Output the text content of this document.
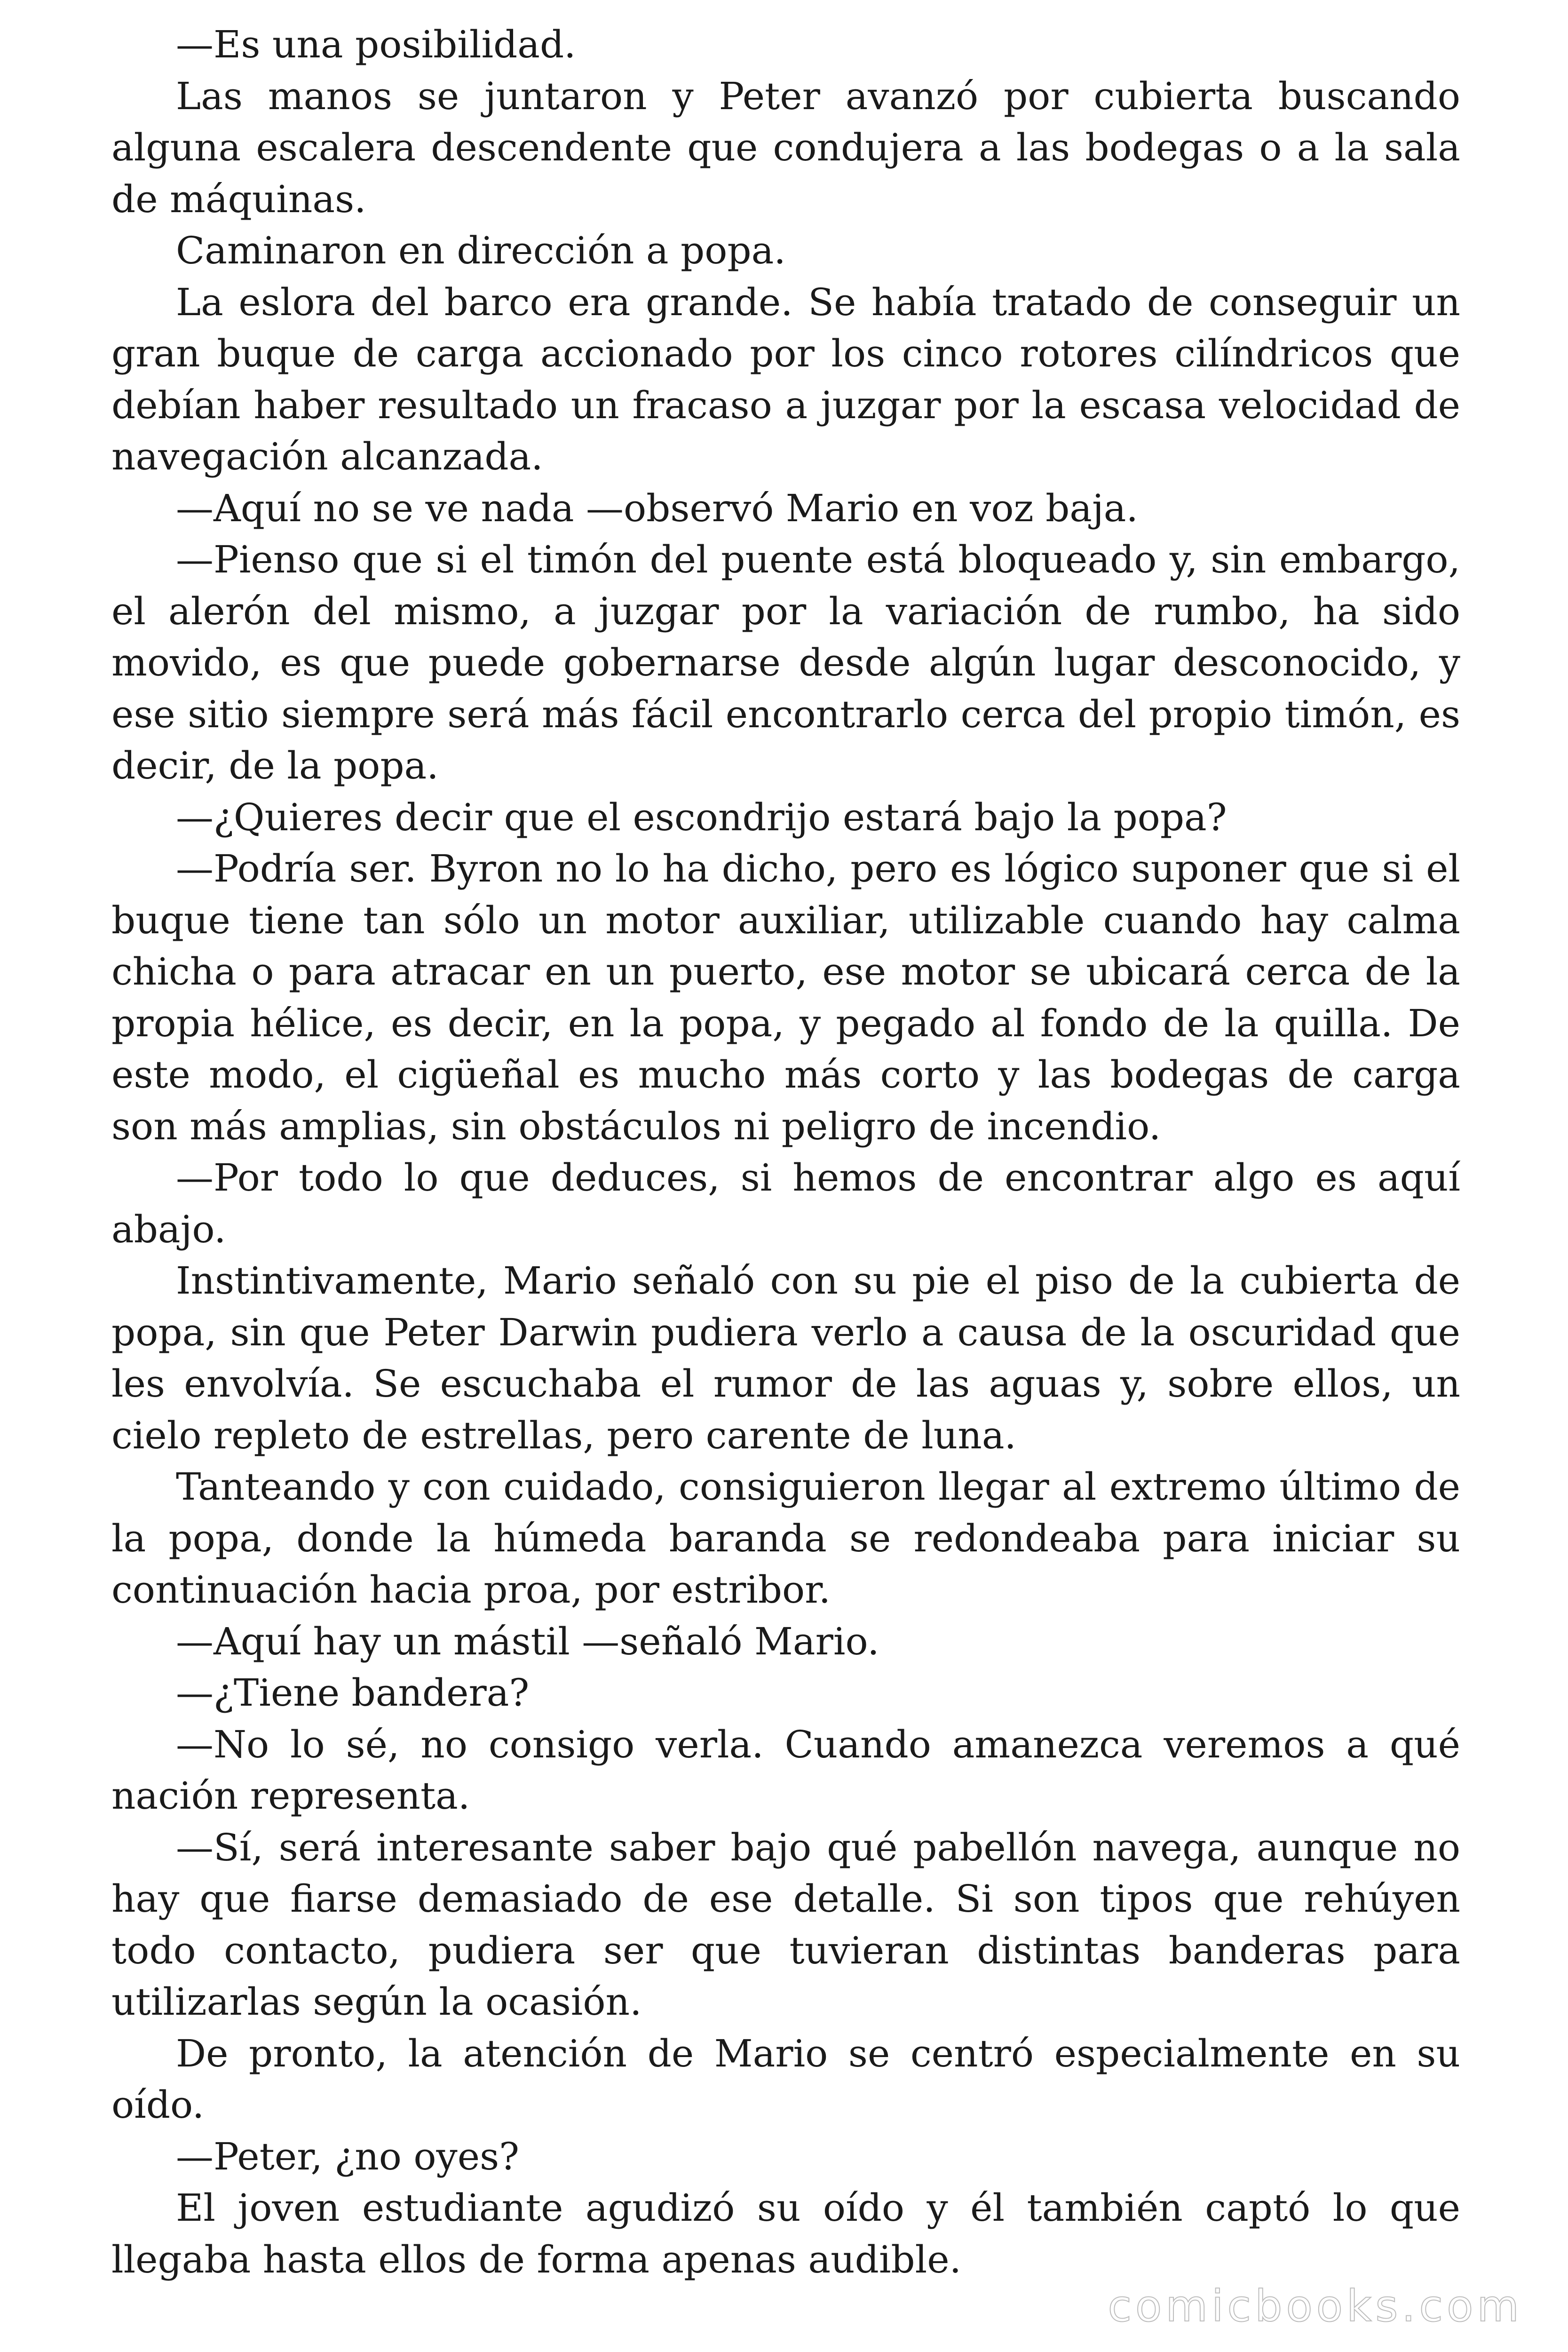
—Es una posibilidad.

Las manos se juntaron y Peter avanzó por cubierta buscando alguna escalera descendente que condujera a las bodegas o a la sala de máquinas.

Caminaron en dirección a popa.

La eslora del barco era grande. Se había tratado de conseguir un gran buque de carga accionado por los cinco rotores cilíndricos que debían haber resultado un fracaso a juzgar por la escasa velocidad de navegación alcanzada.

—Aquí no se ve nada —observó Mario en voz baja.

—Pienso que si el timón del puente está bloqueado y, sin embargo, el alerón del mismo, a juzgar por la variación de rumbo, ha sido movido, es que puede gobernarse desde algún lugar desconocido, y ese sitio siempre será más fácil encontrarlo cerca del propio timón, es decir, de la popa.

—¿Quieres decir que el escondrijo estará bajo la popa?

—Podría ser. Byron no lo ha dicho, pero es lógico suponer que si el buque tiene tan sólo un motor auxiliar, utilizable cuando hay calma chicha o para atracar en un puerto, ese motor se ubicará cerca de la propia hélice, es decir, en la popa, y pegado al fondo de la quilla. De este modo, el cigüeñal es mucho más corto y las bodegas de carga son más amplias, sin obstáculos ni peligro de incendio.

—Por todo lo que deduces, si hemos de encontrar algo es aquí abajo.

Instintivamente, Mario señaló con su pie el piso de la cubierta de popa, sin que Peter Darwin pudiera verlo a causa de la oscuridad que les envolvía. Se escuchaba el rumor de las aguas y, sobre ellos, un cielo repleto de estrellas, pero carente de luna.

Tanteando y con cuidado, consiguieron llegar al extremo último de la popa, donde la húmeda baranda se redondeaba para iniciar su continuación hacia proa, por estribor.

—Aquí hay un mástil —señaló Mario.

—¿Tiene bandera?

—No lo sé, no consigo verla. Cuando amanezca veremos a qué nación representa.

—Sí, será interesante saber bajo qué pabellón navega, aunque no hay que fiarse demasiado de ese detalle. Si son tipos que rehúyen todo contacto, pudiera ser que tuvieran distintas banderas para utilizarlas según la ocasión.

De pronto, la atención de Mario se centró especialmente en su oído.

—Peter, ¿no oyes?

El joven estudiante agudizó su oído y él también captó lo que llegaba hasta ellos de forma apenas audible.

comicbooks.com
